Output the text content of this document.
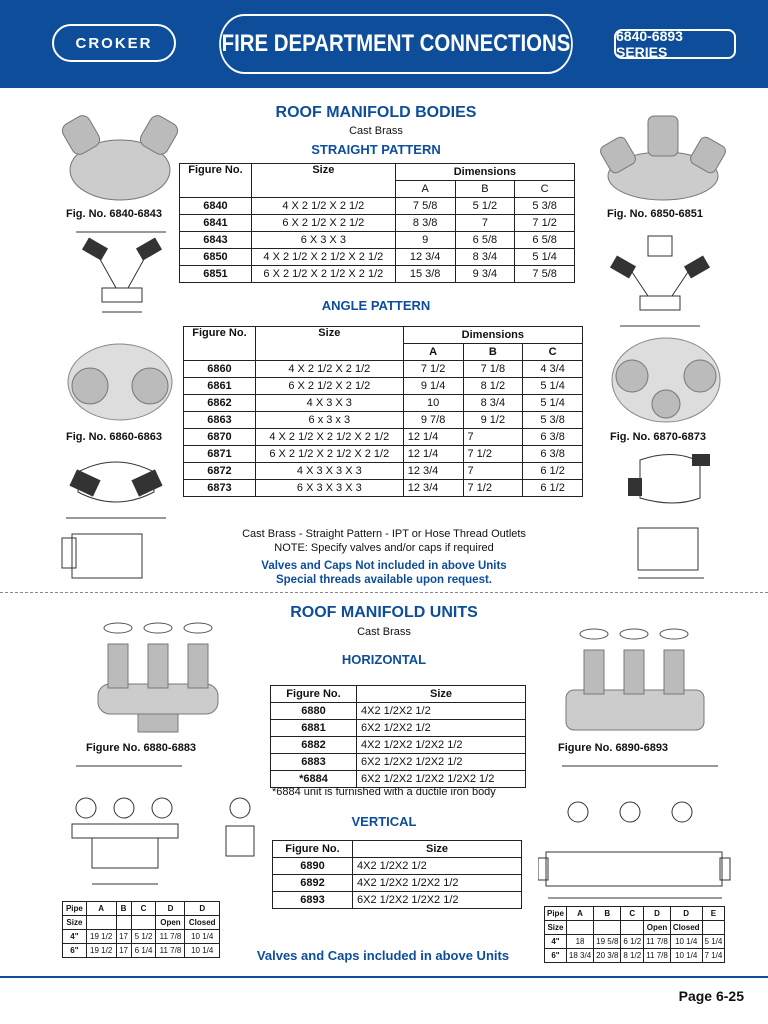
CROKER	FIRE DEPARTMENT CONNECTIONS	6840-6893 SERIES
ROOF MANIFOLD BODIES
Cast Brass
STRAIGHT PATTERN
Figure No.	Size	Dimensions		
		A	B	C
6840	4 X 2 1/2 X 2 1/2	7 5/8	5 1/2	5 3/8
6841	6 X 2 1/2 X 2 1/2	8 3/8	7	7 1/2
6843	6 X 3 X 3	9	6 5/8	6 5/8
6850	4 X 2 1/2 X 2 1/2 X 2 1/2	12 3/4	8 3/4	5 1/4
6851	6 X 2 1/2 X 2 1/2 X 2 1/2	15 3/8	9 3/4	7 5/8
ANGLE PATTERN
Figure No.	Size	Dimensions		
		A	B	C
6860	4 X 2 1/2 X 2 1/2	7 1/2	7 1/8	4 3/4
6861	6 X 2 1/2 X 2 1/2	9 1/4	8 1/2	5 1/4
6862	4 X 3 X 3	10	8 3/4	5 1/4
6863	6 x 3 x 3	9 7/8	9 1/2	5 3/8
6870	4 X 2 1/2 X 2 1/2 X 2 1/2	12 1/4	7	6 3/8
6871	6 X 2 1/2 X 2 1/2 X 2 1/2	12 1/4	7 1/2	6 3/8
6872	4 X 3 X 3 X 3	12 3/4	7	6 1/2
6873	6 X 3 X 3 X 3	12 3/4	7 1/2	6 1/2
Fig. No. 6840-6843	Fig. No. 6850-6851
Fig. No. 6860-6863	Fig. No. 6870-6873
Cast Brass - Straight Pattern - IPT or Hose Thread Outlets
NOTE: Specify valves and/or caps if required
Valves and Caps Not included in above Units
Special threads available upon request.
ROOF MANIFOLD UNITS
Cast Brass
HORIZONTAL
Figure No.	Size
6880	4X2 1/2X2 1/2
6881	6X2 1/2X2 1/2
6882	4X2 1/2X2 1/2X2 1/2
6883	6X2 1/2X2 1/2X2 1/2
*6884	6X2 1/2X2 1/2X2 1/2X2 1/2
*6884 unit is furnished with a ductile iron body
VERTICAL
Figure No.	Size
6890	4X2 1/2X2 1/2
6892	4X2 1/2X2 1/2X2 1/2
6893	6X2 1/2X2 1/2X2 1/2
Figure No. 6880-6883	Figure No. 6890-6893
Pipe	A	B	C	D	D
Size				Open	Closed
4"	19 1/2	17	5 1/2	11 7/8	10 1/4
6"	19 1/2	17	6 1/4	11 7/8	10 1/4
Pipe	A	B	C	D	D	E
Size				Open	Closed	
4"	18	19 5/8	6 1/2	11 7/8	10 1/4	5 1/4
6"	18 3/4	20 3/8	8 1/2	11 7/8	10 1/4	7 1/4
Valves and Caps included in above Units
Page 6-25
